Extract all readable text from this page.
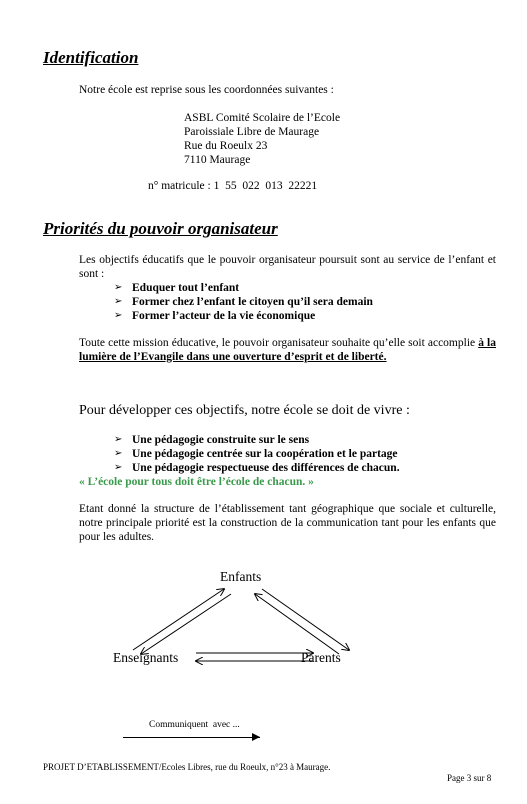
Identification
Notre école est reprise sous les coordonnées suivantes :
ASBL Comité Scolaire de l’Ecole
Paroissiale Libre de Maurage
Rue du Roeulx 23
7110 Maurage
n° matricule : 1  55  022  013  22221
Priorités du pouvoir organisateur
Les objectifs éducatifs que le pouvoir organisateur poursuit sont au service de l’enfant et sont :
➢ Eduquer tout l’enfant
➢ Former chez l’enfant le citoyen qu’il sera demain
➢ Former l’acteur de la vie économique
Toute cette mission éducative, le pouvoir organisateur souhaite qu’elle soit accomplie à la lumière de l’Evangile dans une ouverture d’esprit et de liberté.
Pour développer ces objectifs, notre école se doit de vivre :
➢ Une pédagogie construite sur le sens
➢ Une pédagogie centrée sur la coopération et le partage
➢ Une pédagogie respectueuse des différences de chacun.
« L’école pour tous doit être l’école de chacun. »
Etant donné la structure de l’établissement tant géographique que sociale et culturelle, notre principale priorité est la construction de la communication tant pour les enfants que pour les adultes.
Enfants
Enseignants	Parents
Communiquent  avec ...
PROJET D’ETABLISSEMENT/Ecoles Libres, rue du Roeulx, n°23 à Maurage.
Page 3 sur 8
